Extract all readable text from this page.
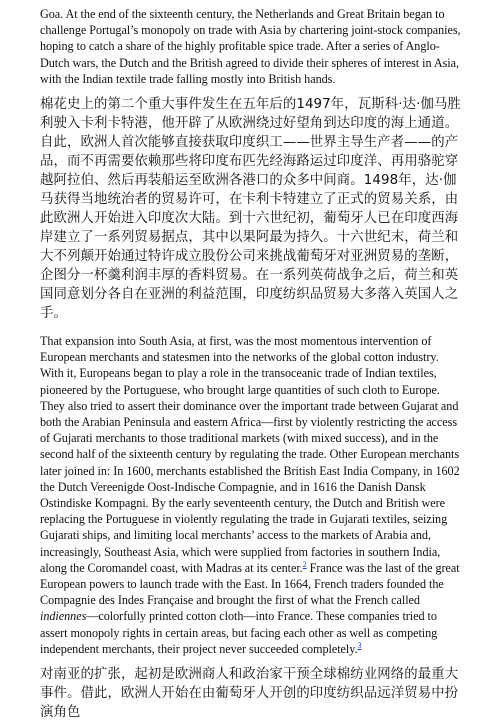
Goa. At the end of the sixteenth century, the Netherlands and Great Britain began to challenge Portugal’s monopoly on trade with Asia by chartering joint-stock companies, hoping to catch a share of the highly profitable spice trade. After a series of Anglo-Dutch wars, the Dutch and the British agreed to divide their spheres of interest in Asia, with the Indian textile trade falling mostly into British hands.

棉花史上的第二个重大事件发生在五年后的1497年，瓦斯科·达·伽马胜利驶入卡利卡特港，他开辟了从欧洲绕过好望角到达印度的海上通道。自此，欧洲人首次能够直接获取印度织工——世界主导生产者——的产品，而不再需要依赖那些将印度布匹先经海路运过印度洋、再用骆驼穿越阿拉伯、然后再装船运至欧洲各港口的众多中间商。1498年，达·伽马获得当地统治者的贸易许可，在卡利卡特建立了正式的贸易关系，由此欧洲人开始进入印度次大陆。到十六世纪初，葡萄牙人已在印度西海岸建立了一系列贸易据点，其中以果阿最为持久。十六世纪末，荷兰和大不列颠开始通过特许成立股份公司来挑战葡萄牙对亚洲贸易的垄断，企图分一杯羹利润丰厚的香料贸易。在一系列英荷战争之后，荷兰和英国同意划分各自在亚洲的利益范围，印度纺织品贸易大多落入英国人之手。

That expansion into South Asia, at first, was the most momentous intervention of European merchants and statesmen into the networks of the global cotton industry. With it, Europeans began to play a role in the transoceanic trade of Indian textiles, pioneered by the Portuguese, who brought large quantities of such cloth to Europe. They also tried to assert their dominance over the important trade between Gujarat and both the Arabian Peninsula and eastern Africa—first by violently restricting the access of Gujarati merchants to those traditional markets (with mixed success), and in the second half of the sixteenth century by regulating the trade. Other European merchants later joined in: In 1600, merchants established the British East India Company, in 1602 the Dutch Vereenigde Oost-Indische Compagnie, and in 1616 the Danish Dansk Ostindiske Kompagni. By the early seventeenth century, the Dutch and British were replacing the Portuguese in violently regulating the trade in Gujarati textiles, seizing Gujarati ships, and limiting local merchants’ access to the markets of Arabia and, increasingly, Southeast Asia, which were supplied from factories in southern India, along the Coromandel coast, with Madras at its center.$^2$ France was the last of the great European powers to launch trade with the East. In 1664, French traders founded the Compagnie des Indes Française and brought the first of what the French called indiennes—colorfully printed cotton cloth—into France. These companies tried to assert monopoly rights in certain areas, but facing each other as well as competing independent merchants, their project never succeeded completely.$^3$

对南亚的扩张，起初是欧洲商人和政治家干预全球棉纺业网络的最重大事件。借此，欧洲人开始在由葡萄牙人开创的印度纺织品远洋贸易中扮演角色
